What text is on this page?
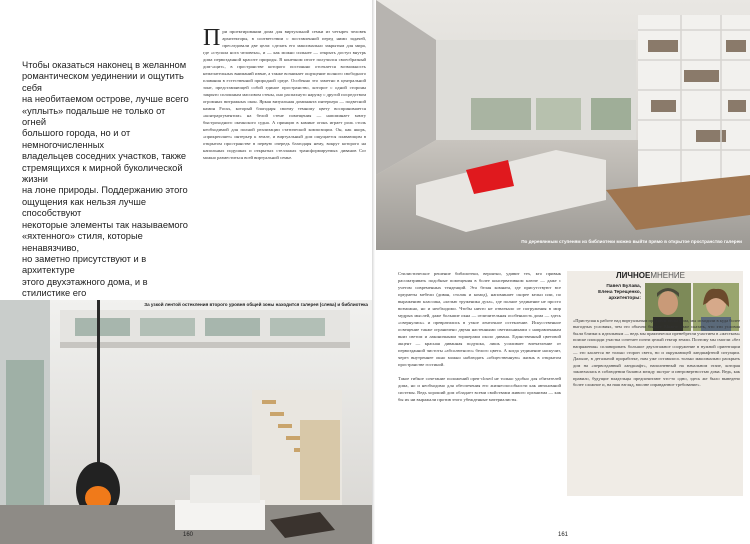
Чтобы оказаться наконец в желанном
романтическом уединении и ощутить себя
на необитаемом острове, лучше всего
«уплыть» подальше не только от огней
большого города, но и от немногочисленных
владельцев соседних участков, также
стремящихся к мирной буколической жизни
на лоне природы. Поддержанию этого
ощущения как нельзя лучше способствуют
некоторые элементы так называемого
«яхтенного» стиля, которые ненавязчиво,
но заметно присутствуют и в архитектуре
этого двухэтажного дома, и в стилистике его

П ри проектировании дома для виртуальной семьи из четырех человек архитекторы, в соответствии с поставленной перед ними задачей, преследовали две цели: сделать его максимально закрытым для мира, где «ступала нога человека», и — как можно сильнее — открыть доступ внутрь дома первозданной красоте природы. В конечном итоге получился своеобразный дом-«щит», в пространстве которого постоянно отсекается возможность нежелательных вниманий извне, а также возникает ощущение полного свободного плавания в естественной природной среде. Особенно это заметно в центральной зоне, представляющей собой единое пространство, которое с одной стороны закрыто сплошным массивом стены, оно распахнуто наружу с другой посредством огромных витражных окон. Яркая визуальная доминанта интерьера — подвесной камин Focus, который благодаря своему темному цвету воспринимается «контраргументом» на белой стене помещения — напоминает мачту быстроходного океанского судна. А принцип в камине огонь играет роль столь необходимой для полной реализации статической композиции. Он, как якорь, «прикрепляет» интерьер к земле, и виртуальный дом ощущается плавающим в открытом пространстве в первую очередь благодаря нему, вокруг которого на напольных подушках и открытых стеллажах трансформируемых диванов Cor можно разместиться всей виртуальной семье.
По деревянным ступеням из библиотеки можно выйти прямо в открытое пространство галереи
За узкой лентой остекления второго уровня общей зоны находится галерея (слева) и библиотека
160
Стилистическое решение библиотеки, вероятно, удивит тех, кто привык рассматривать подобные помещения в более консервативном ключе — даже с учетом современных тенденций. Эта белая комната, где присутствуют все предметы мебели (диван, столик и комод), напоминает скорее кельи или, по выражению классика, «келью труженика духа», где полное уединение не просто возможно, но и необходимо. Чтобы ничто не отвлекало от погружения в мир мудрых мыслей, даже большие окна — отличительная особенность дома — здесь «свернулись» и превратились в узкое ленточное остекление. Искусственное освещение также ограничено двумя настенными светильниками с направленным вниз светом и лаконичными торшерами около дивана. Единственный цветовой акцент — красная диванная подушка, лишь усиливает впечатление от первозданной чистоты «абсолютного» белого цвета. А когда уединение наскучит, через внутреннее окно можно наблюдать «общественную» жизнь в открытом пространстве гостиной.

Такое гибкое сочетание положений open-closed не только удобно для обитателей дома, но и необходимо для обеспечения его жизнеспособности как автономной системы. Ведь хороший дом обладает всеми свойствами живого организма — как бы их ни выражали против этого убежденные материалисты.
ЛИЧНОЕМНЕНИЕ
Павел Булава,
Елена Терещенко,
архитекторы:
«Приступая к работе над виртуальным проектом этого дома, мы исходили в куда более выгодных условиях, чем это обычно бывает. Можно даже сказать, что эти условия были близки к идеальным — ведь мы практически пренебрегли участием в «жестком» поиске площади участка сочетает почти целый гектар земли. Поэтому мы смогли «без напряжения» спланировать большое двухэтажное сооружение в нужной ориентации — это касается не только сторон света, но и окружающей ландшафтной ситуации. Дальше, в детальной проработке, нам уже оставалось только максимально раскрыть дом на «первозданный ландшафт», наполненный на начальном этапе, которая заключалась в соблюдении баланса между экстра- и интровертностью дома. Ведь, как правило, будущие владельцы предпочитают что-то одно, здесь же было выведено более сложное и, на наш взгляд, вполне оправданное требование».
161
